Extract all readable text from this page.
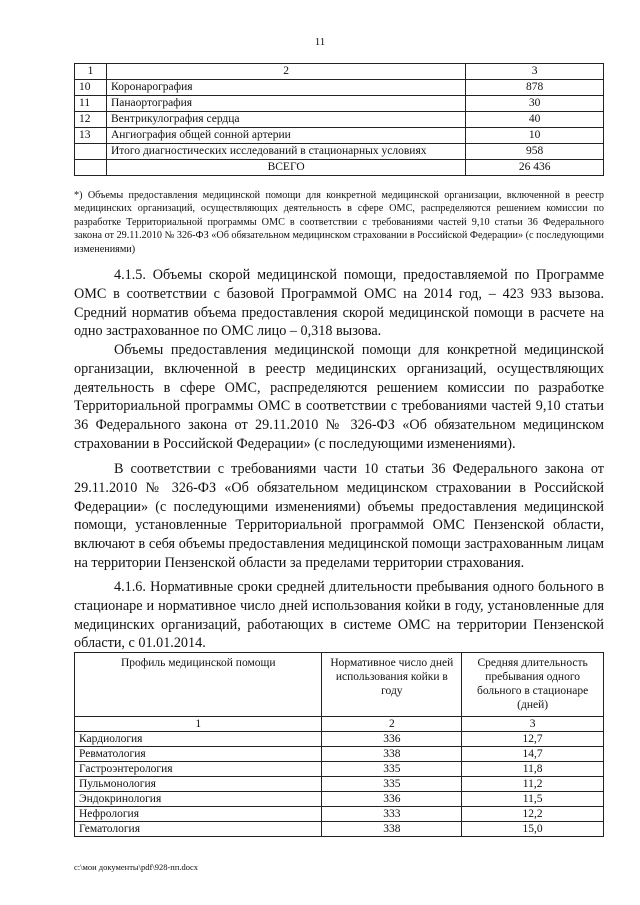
11
1	2	3
10	Коронарография	878
11	Панаортография	30
12	Вентрикулография сердца	40
13	Ангиография общей сонной артерии	10
	Итого диагностических исследований в стационарных условиях	958
	ВСЕГО	26 436

*) Объемы предоставления медицинской помощи для конкретной медицинской организации, включенной в реестр медицинских организаций, осуществляющих деятельность в сфере ОМС, распределяются решением комиссии по разработке Территориальной программы ОМС в соответствии с требованиями частей 9,10 статьи 36 Федерального закона от 29.11.2010 № 326-ФЗ «Об обязательном медицинском страховании в Российской Федерации» (с последующими изменениями)

4.1.5. Объемы скорой медицинской помощи, предоставляемой по Программе ОМС в соответствии с базовой Программой ОМС на 2014 год, – 423 933 вызова. Средний норматив объема предоставления скорой медицинской помощи в расчете на одно застрахованное по ОМС лицо – 0,318 вызова.

Объемы предоставления медицинской помощи для конкретной медицинской организации, включенной в реестр медицинских организаций, осуществляющих деятельность в сфере ОМС, распределяются решением комиссии по разработке Территориальной программы ОМС в соответствии с требованиями частей 9,10 статьи 36 Федерального закона от 29.11.2010 № 326-ФЗ «Об обязательном медицинском страховании в Российской Федерации» (с последующими изменениями).

В соответствии с требованиями части 10 статьи 36 Федерального закона от 29.11.2010 № 326-ФЗ «Об обязательном медицинском страховании в Российской Федерации» (с последующими изменениями) объемы предоставления медицинской помощи, установленные Территориальной программой ОМС Пензенской области, включают в себя объемы предоставления медицинской помощи застрахованным лицам на территории Пензенской области за пределами территории страхования.

4.1.6. Нормативные сроки средней длительности пребывания одного больного в стационаре и нормативное число дней использования койки в году, установленные для медицинских организаций, работающих в системе ОМС на территории Пензенской области, с 01.01.2014.

Профиль медицинской помощи	Нормативное число дней использования койки в году	Средняя длительность пребывания одного больного в стационаре (дней)
1	2	3
Кардиология	336	12,7
Ревматология	338	14,7
Гастроэнтерология	335	11,8
Пульмонология	335	11,2
Эндокринология	336	11,5
Нефрология	333	12,2
Гематология	338	15,0
c:\мои документы\pdf\928-пп.docx
